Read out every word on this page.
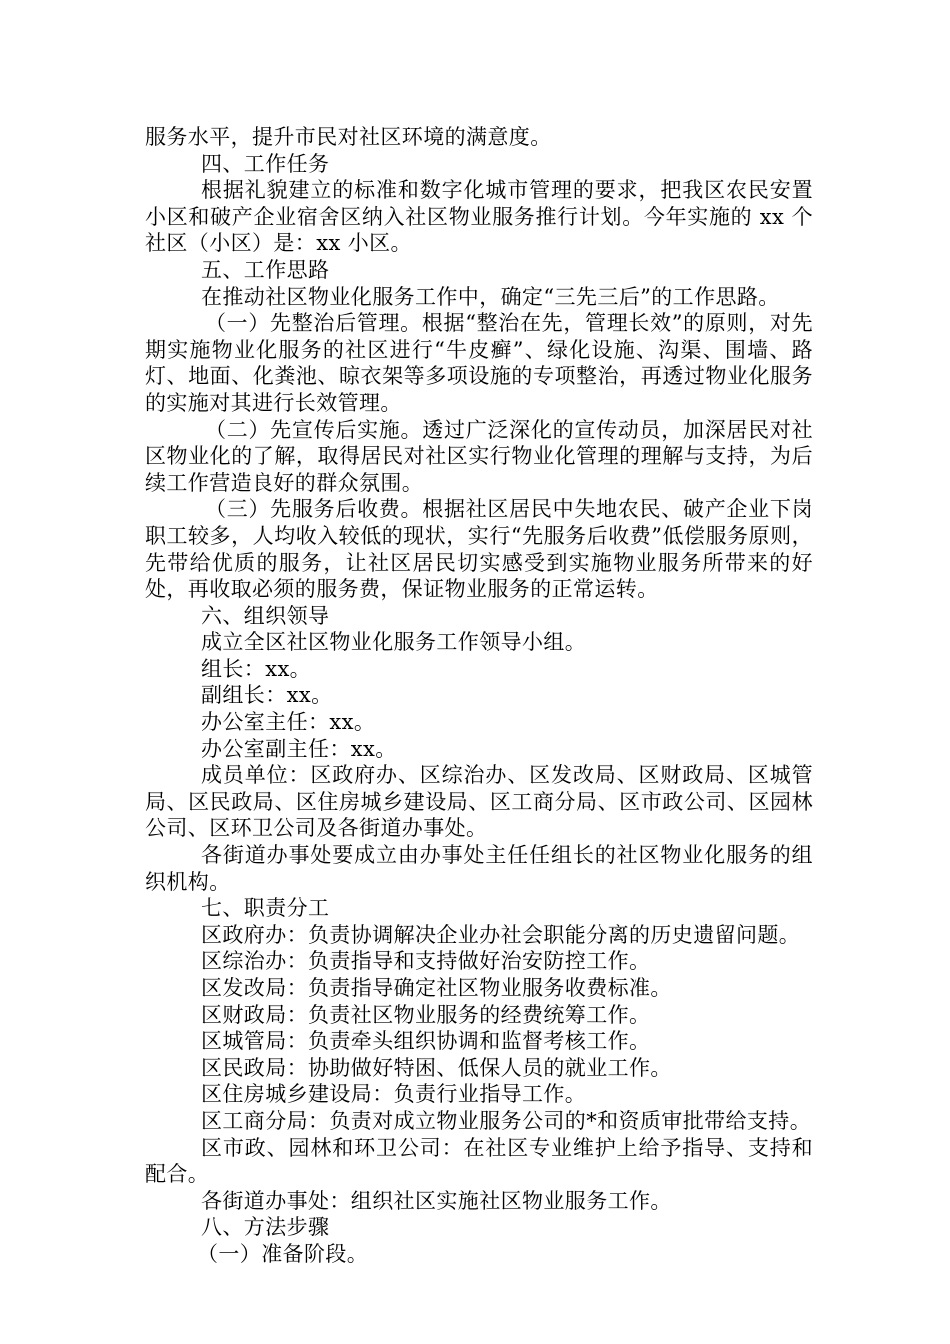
服务水平，提升市民对社区环境的满意度。

四、工作任务

根据礼貌建立的标准和数字化城市管理的要求，把我区农民安置小区和破产企业宿舍区纳入社区物业服务推行计划。今年实施的 xx 个社区（小区）是：xx 小区。

五、工作思路

在推动社区物业化服务工作中，确定“三先三后”的工作思路。

（一）先整治后管理。根据“整治在先，管理长效”的原则，对先期实施物业化服务的社区进行“牛皮癣”、绿化设施、沟渠、围墙、路灯、地面、化粪池、晾衣架等多项设施的专项整治，再透过物业化服务的实施对其进行长效管理。

（二）先宣传后实施。透过广泛深化的宣传动员，加深居民对社区物业化的了解，取得居民对社区实行物业化管理的理解与支持，为后续工作营造良好的群众氛围。

（三）先服务后收费。根据社区居民中失地农民、破产企业下岗职工较多，人均收入较低的现状，实行“先服务后收费”低偿服务原则，先带给优质的服务，让社区居民切实感受到实施物业服务所带来的好处，再收取必须的服务费，保证物业服务的正常运转。

六、组织领导

成立全区社区物业化服务工作领导小组。

组长：xx。

副组长：xx。

办公室主任：xx。

办公室副主任：xx。

成员单位：区政府办、区综治办、区发改局、区财政局、区城管局、区民政局、区住房城乡建设局、区工商分局、区市政公司、区园林公司、区环卫公司及各街道办事处。

各街道办事处要成立由办事处主任任组长的社区物业化服务的组织机构。

七、职责分工

区政府办：负责协调解决企业办社会职能分离的历史遗留问题。

区综治办：负责指导和支持做好治安防控工作。

区发改局：负责指导确定社区物业服务收费标准。

区财政局：负责社区物业服务的经费统筹工作。

区城管局：负责牵头组织协调和监督考核工作。

区民政局：协助做好特困、低保人员的就业工作。

区住房城乡建设局：负责行业指导工作。

区工商分局：负责对成立物业服务公司的*和资质审批带给支持。

区市政、园林和环卫公司：在社区专业维护上给予指导、支持和配合。

各街道办事处：组织社区实施社区物业服务工作。

八、方法步骤

（一）准备阶段。
